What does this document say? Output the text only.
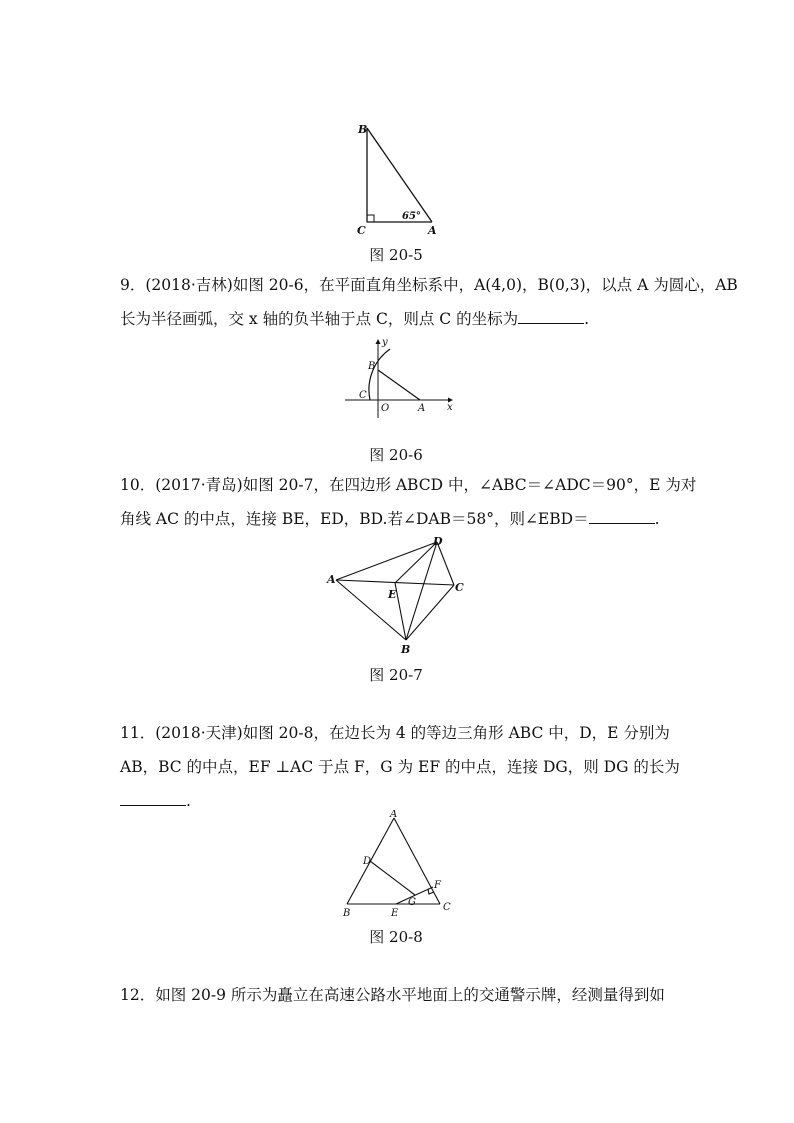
B
C	A
65°
图 20-5
9．(2018·吉林)如图 20-6，在平面直角坐标系中，A(4,0)，B(0,3)，以点 A 为圆心，AB
长为半径画弧，交 x 轴的负半轴于点 C，则点 C 的坐标为	.
y
B
C
O	A x
图 20-6
10．(2017·青岛)如图 20-7，在四边形 ABCD 中，∠ABC＝∠ADC＝90°，E 为对
角线 AC 的中点，连接 BE，ED，BD.若∠DAB＝58°，则∠EBD＝	.
A
D
C
E
B
图 20-7
11．(2018·天津)如图 20-8，在边长为 4 的等边三角形 ABC 中，D，E 分别为
AB，BC 的中点，EF ⊥AC 于点 F，G 为 EF 的中点，连接 DG，则 DG 的长为
.
A
D
F
G
B	E
C
图 20-8
12．如图 20-9 所示为矗立在高速公路水平地面上的交通警示牌，经测量得到如
